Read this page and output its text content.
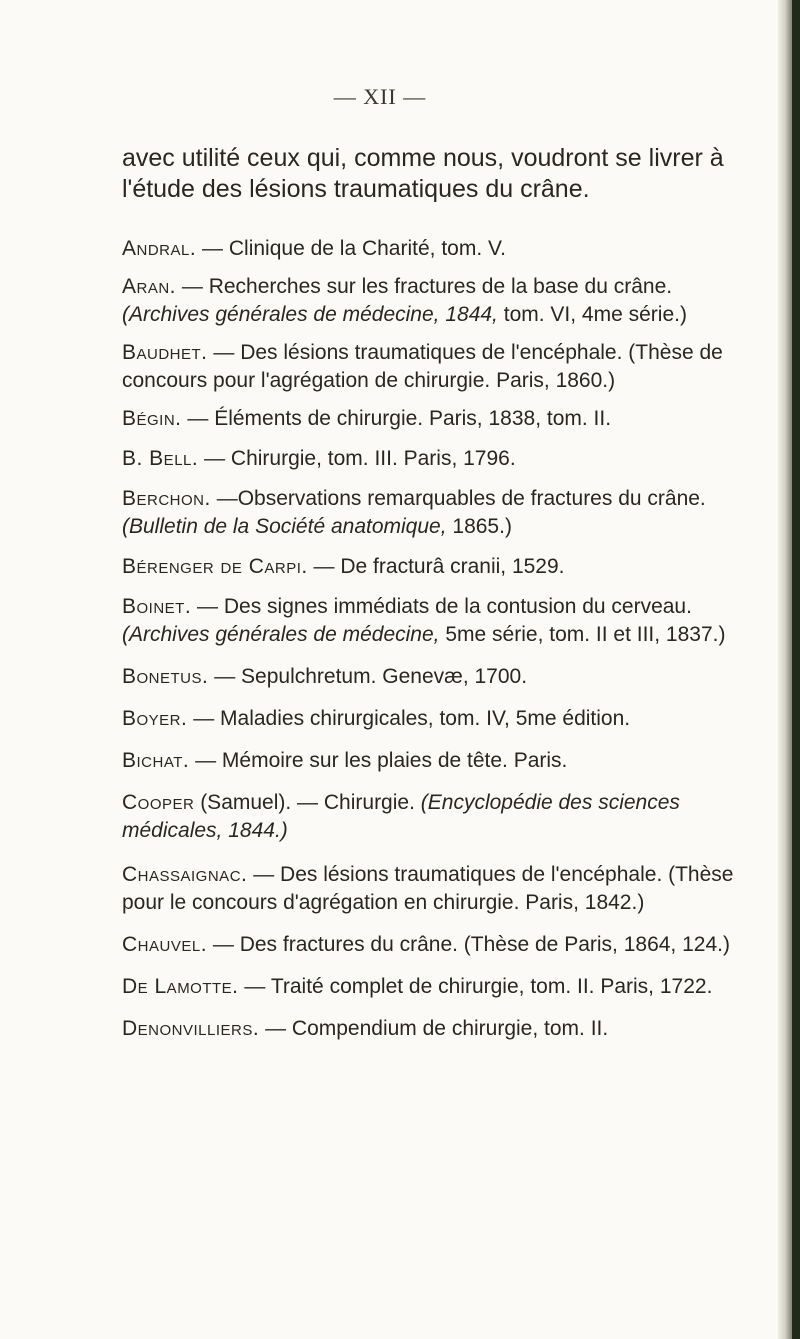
— XII —
avec utilité ceux qui, comme nous, voudront se livrer à l'étude des lésions traumatiques du crâne.

Andral. — Clinique de la Charité, tom. V.

Aran. — Recherches sur les fractures de la base du crâne. (Archives générales de médecine, 1844, tom. VI, 4me série.)

Baudhet. — Des lésions traumatiques de l'encéphale. (Thèse de concours pour l'agrégation de chirurgie. Paris, 1860.)

Bégin. — Éléments de chirurgie. Paris, 1838, tom. II.

B. Bell. — Chirurgie, tom. III. Paris, 1796.

Berchon. —Observations remarquables de fractures du crâne. (Bulletin de la Société anatomique, 1865.)

Bérenger de Carpi. — De fracturâ cranii, 1529.

Boinet. — Des signes immédiats de la contusion du cerveau. (Archives générales de médecine, 5me série, tom. II et III, 1837.)

Bonetus. — Sepulchretum. Genevæ, 1700.

Boyer. — Maladies chirurgicales, tom. IV, 5me édition.

Bichat. — Mémoire sur les plaies de tête. Paris.

Cooper (Samuel). — Chirurgie. (Encyclopédie des sciences médicales, 1844.)

Chassaignac. — Des lésions traumatiques de l'encéphale. (Thèse pour le concours d'agrégation en chirurgie. Paris, 1842.)

Chauvel. — Des fractures du crâne. (Thèse de Paris, 1864, 124.)

De Lamotte. — Traité complet de chirurgie, tom. II. Paris, 1722.

Denonvilliers. — Compendium de chirurgie, tom. II.
